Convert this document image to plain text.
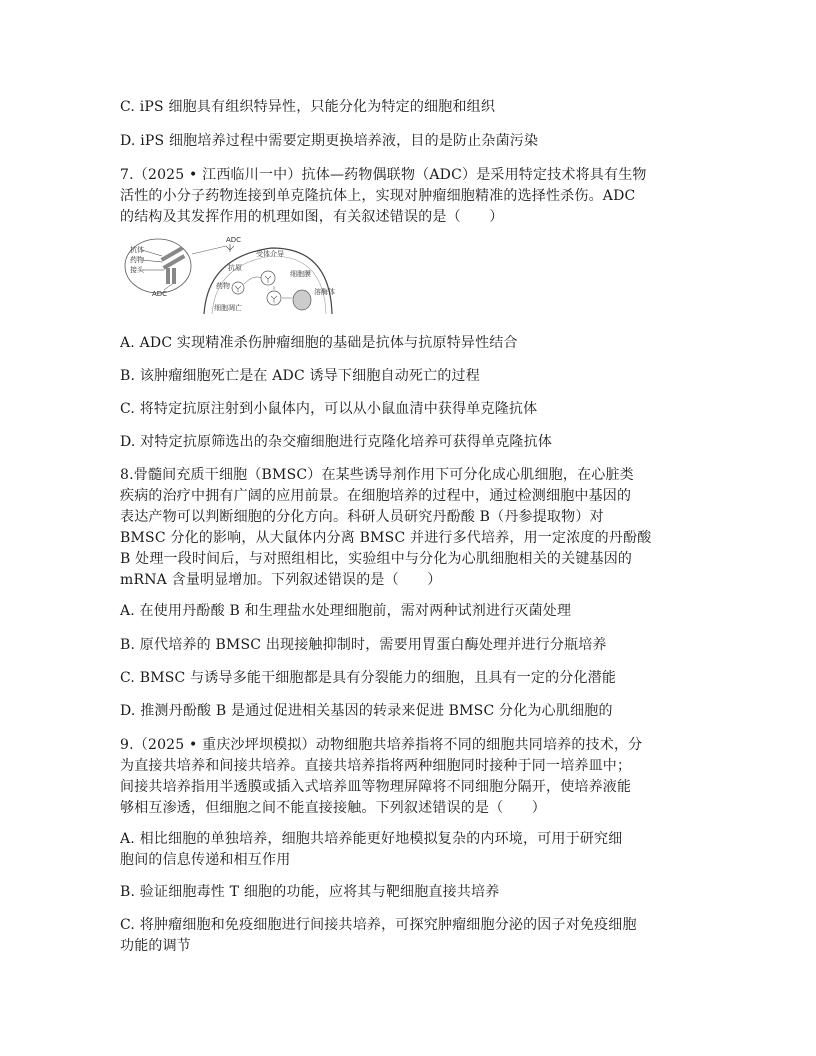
C. iPS 细胞具有组织特异性，只能分化为特定的细胞和组织
D. iPS 细胞培养过程中需要定期更换培养液，目的是防止杂菌污染
7.（2025 • 江西临川一中）抗体—药物偶联物（ADC）是采用特定技术将具有生物
活性的小分子药物连接到单克隆抗体上，实现对肿瘤细胞精准的选择性杀伤。ADC
的结构及其发挥作用的机理如图，有关叙述错误的是（　　）
抗体
药物
接头
ADC
ADC
受体介导
抗原
细胞膜
药物
溶酶体
细胞凋亡
A. ADC 实现精准杀伤肿瘤细胞的基础是抗体与抗原特异性结合
B. 该肿瘤细胞死亡是在 ADC 诱导下细胞自动死亡的过程
C. 将特定抗原注射到小鼠体内，可以从小鼠血清中获得单克隆抗体
D. 对特定抗原筛选出的杂交瘤细胞进行克隆化培养可获得单克隆抗体
8.骨髓间充质干细胞（BMSC）在某些诱导剂作用下可分化成心肌细胞，在心脏类
疾病的治疗中拥有广阔的应用前景。在细胞培养的过程中，通过检测细胞中基因的
表达产物可以判断细胞的分化方向。科研人员研究丹酚酸 B（丹参提取物）对
BMSC 分化的影响，从大鼠体内分离 BMSC 并进行多代培养，用一定浓度的丹酚酸
B 处理一段时间后，与对照组相比，实验组中与分化为心肌细胞相关的关键基因的
mRNA 含量明显增加。下列叙述错误的是（　　）
A. 在使用丹酚酸 B 和生理盐水处理细胞前，需对两种试剂进行灭菌处理
B. 原代培养的 BMSC 出现接触抑制时，需要用胃蛋白酶处理并进行分瓶培养
C. BMSC 与诱导多能干细胞都是具有分裂能力的细胞，且具有一定的分化潜能
D. 推测丹酚酸 B 是通过促进相关基因的转录来促进 BMSC 分化为心肌细胞的
9.（2025 • 重庆沙坪坝模拟）动物细胞共培养指将不同的细胞共同培养的技术，分
为直接共培养和间接共培养。直接共培养指将两种细胞同时接种于同一培养皿中；
间接共培养指用半透膜或插入式培养皿等物理屏障将不同细胞分隔开，使培养液能
够相互渗透，但细胞之间不能直接接触。下列叙述错误的是（　　）
A. 相比细胞的单独培养，细胞共培养能更好地模拟复杂的内环境，可用于研究细
胞间的信息传递和相互作用
B. 验证细胞毒性 T 细胞的功能，应将其与靶细胞直接共培养
C. 将肿瘤细胞和免疫细胞进行间接共培养，可探究肿瘤细胞分泌的因子对免疫细胞
功能的调节
